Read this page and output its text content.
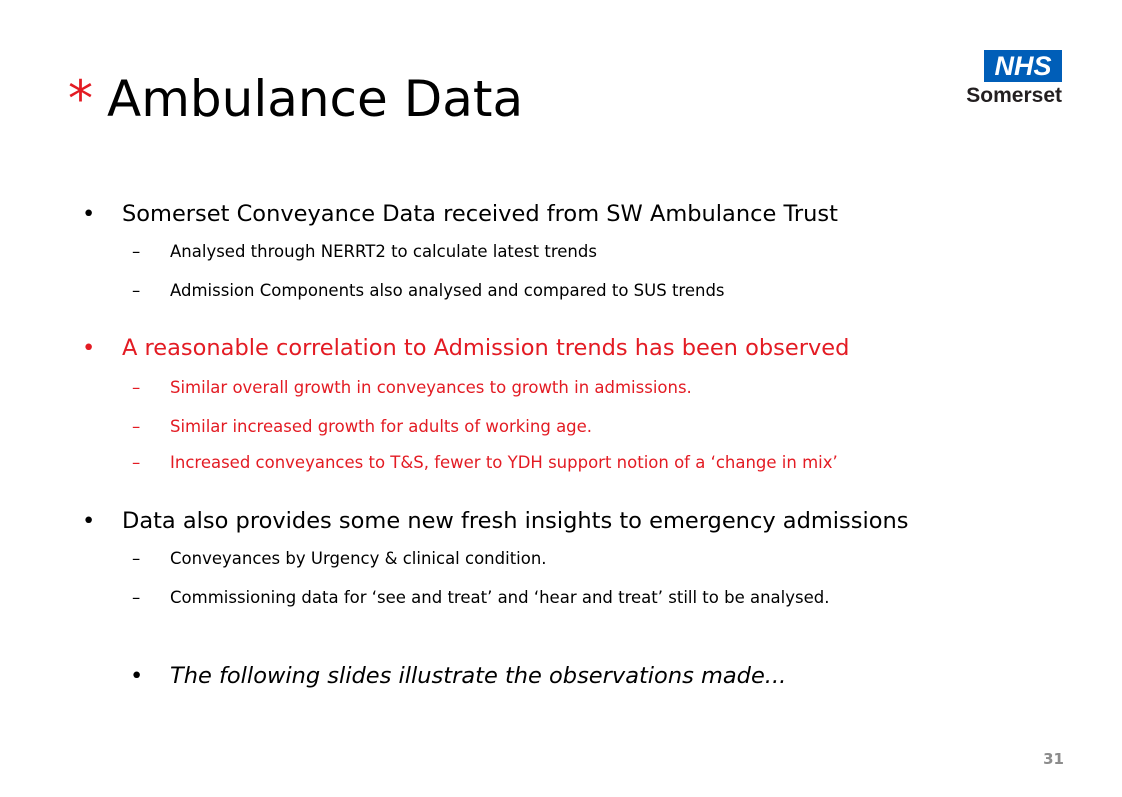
* Ambulance Data
NHS
Somerset
• Somerset Conveyance Data received from SW Ambulance Trust
– Analysed through NERRT2 to calculate latest trends
– Admission Components also analysed and compared to SUS trends
• A reasonable correlation to Admission trends has been observed
– Similar overall growth in conveyances to growth in admissions.
– Similar increased growth for adults of working age.
– Increased conveyances to T&S, fewer to YDH support notion of a ‘change in mix’
• Data also provides some new fresh insights to emergency admissions
– Conveyances by Urgency & clinical condition.
– Commissioning data for ‘see and treat’ and ‘hear and treat’ still to be analysed.
• The following slides illustrate the observations made...
31
